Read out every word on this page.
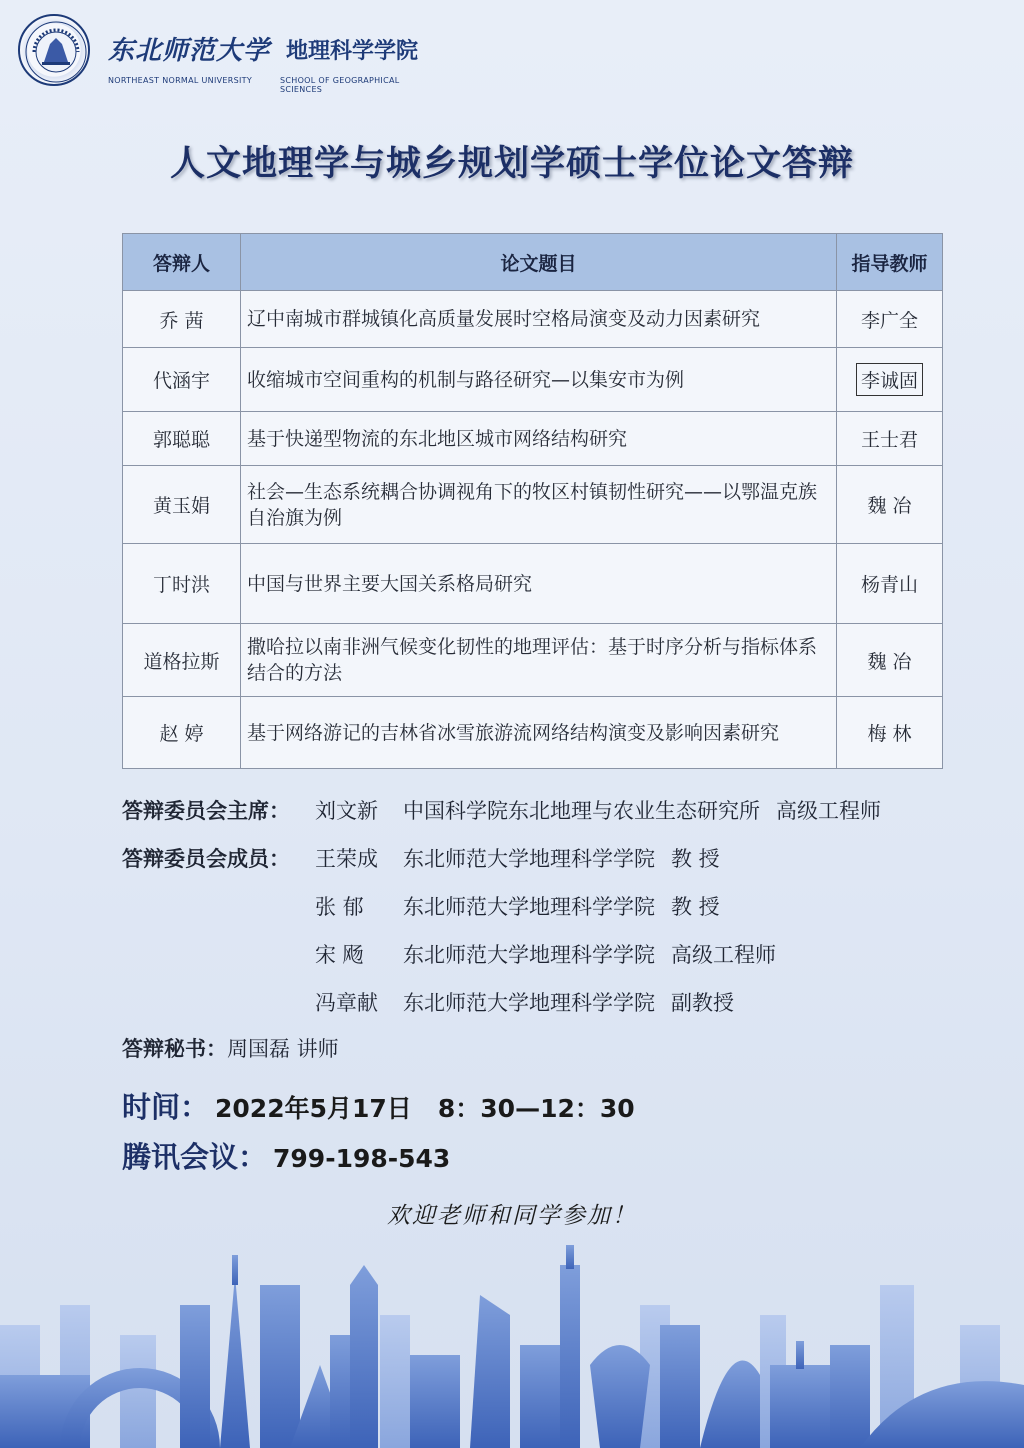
东北师范大学 地理科学学院
NORTHEAST NORMAL UNIVERSITY	SCHOOL OF GEOGRAPHICAL SCIENCES
人文地理学与城乡规划学硕士学位论文答辩
答辩人	论文题目	指导教师
乔 茜	辽中南城市群城镇化高质量发展时空格局演变及动力因素研究	李广全
代涵宇	收缩城市空间重构的机制与路径研究—以集安市为例	李诚固
郭聪聪	基于快递型物流的东北地区城市网络结构研究	王士君
黄玉娟	社会—生态系统耦合协调视角下的牧区村镇韧性研究——以鄂温克族自治旗为例	魏 冶
丁时洪	中国与世界主要大国关系格局研究	杨青山
道格拉斯	撒哈拉以南非洲气候变化韧性的地理评估：基于时序分析与指标体系结合的方法	魏 冶
赵 婷	基于网络游记的吉林省冰雪旅游流网络结构演变及影响因素研究	梅 林
答辩委员会主席： 刘文新 中国科学院东北地理与农业生态研究所 高级工程师
答辩委员会成员： 王荣成 东北师范大学地理科学学院 教 授
张 郁 东北师范大学地理科学学院 教 授
宋 飏 东北师范大学地理科学学院 高级工程师
冯章献 东北师范大学地理科学学院 副教授
答辩秘书：周国磊 讲师
时间： 2022年5月17日   8：30—12：30
腾讯会议： 799-198-543
欢迎老师和同学参加！
